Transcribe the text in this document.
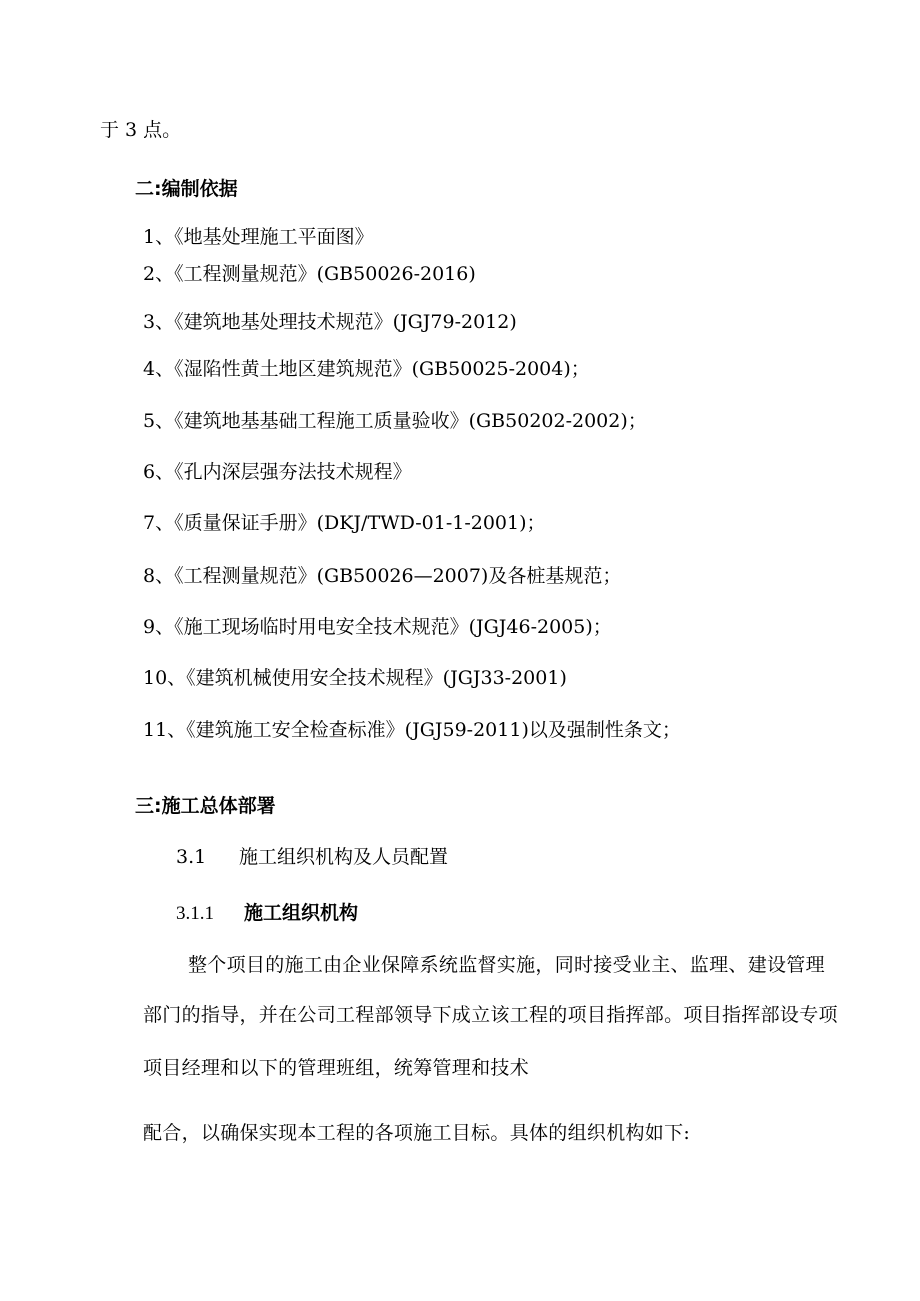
于 3 点。
二:编制依据
1、《地基处理施工平面图》
2、《工程测量规范》(GB50026-2016)
3、《建筑地基处理技术规范》(JGJ79-2012)
4、《湿陷性黄土地区建筑规范》(GB50025-2004)；
5、《建筑地基基础工程施工质量验收》(GB50202-2002)；
6、《孔内深层强夯法技术规程》
7、《质量保证手册》(DKJ/TWD-01-1-2001)；
8、《工程测量规范》(GB50026—2007)及各桩基规范；
9、《施工现场临时用电安全技术规范》(JGJ46-2005)；
10、《建筑机械使用安全技术规程》(JGJ33-2001)
11、《建筑施工安全检查标准》(JGJ59-2011)以及强制性条文；
三:施工总体部署
3.1 施工组织机构及人员配置
3.1.1 施工组织机构
整个项目的施工由企业保障系统监督实施，同时接受业主、监理、建设管理
部门的指导，并在公司工程部领导下成立该工程的项目指挥部。项目指挥部设专项
项目经理和以下的管理班组，统筹管理和技术
配合，以确保实现本工程的各项施工目标。具体的组织机构如下:
